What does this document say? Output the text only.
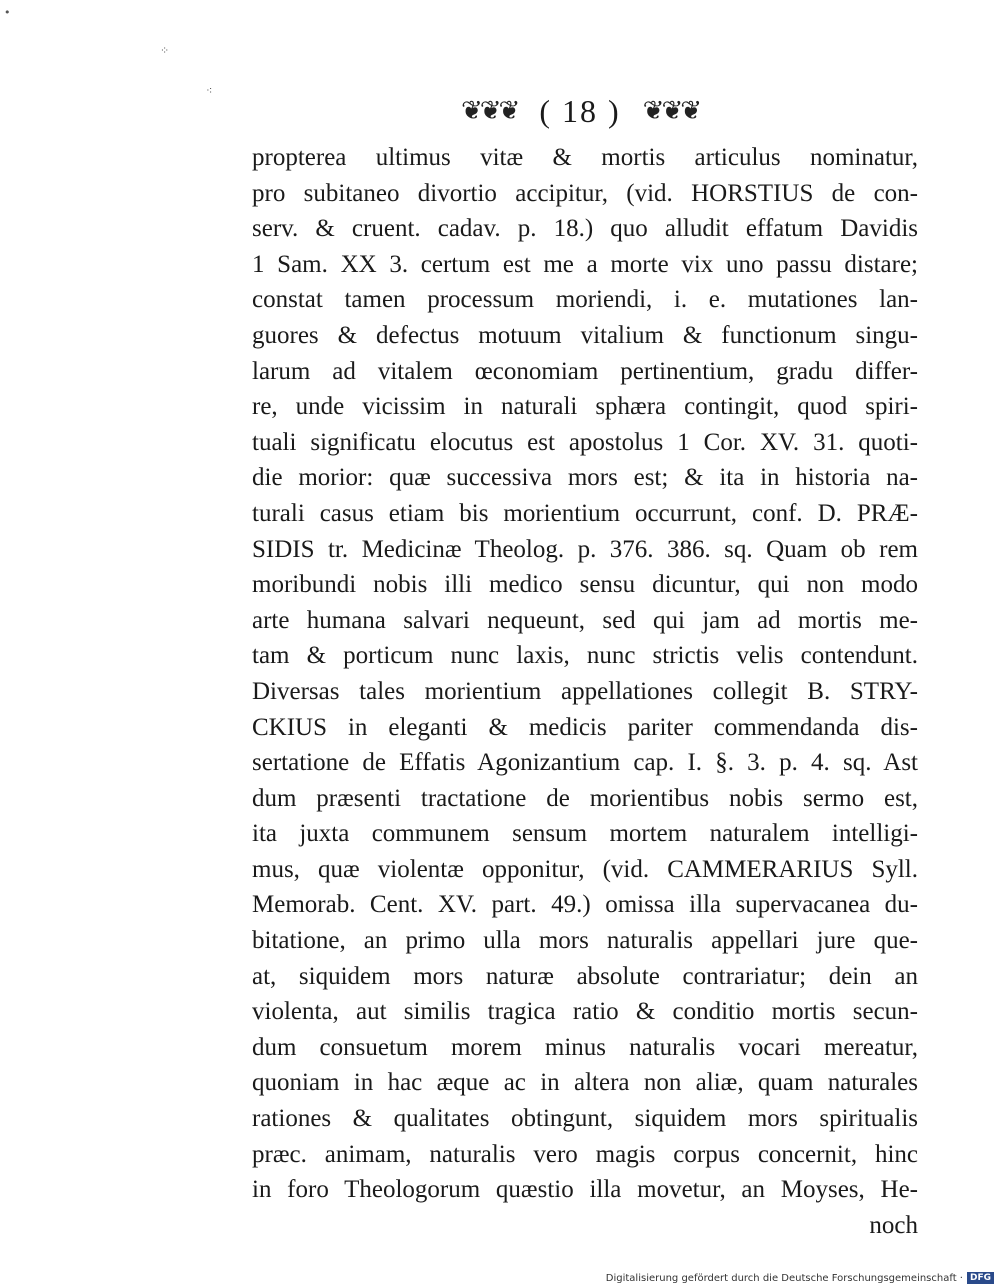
•
⁘
⁖
❦❦❦ ( 18 ) ❦❦❦
propterea ultimus vitæ & mortis articulus nominatur,
pro subitaneo divortio accipitur, (vid. HORSTIUS de con-
serv. & cruent. cadav. p. 18.) quo alludit effatum Davidis
1 Sam. XX 3. certum est me a morte vix uno passu distare;
constat tamen processum moriendi, i. e. mutationes lan-
guores & defectus motuum vitalium & functionum singu-
larum ad vitalem œconomiam pertinentium, gradu differ-
re, unde vicissim in naturali sphæra contingit, quod spiri-
tuali significatu elocutus est apostolus 1 Cor. XV. 31. quoti-
die morior: quæ successiva mors est; & ita in historia na-
turali casus etiam bis morientium occurrunt, conf. D. PRÆ-
SIDIS tr. Medicinæ Theolog. p. 376. 386. sq. Quam ob rem
moribundi nobis illi medico sensu dicuntur, qui non modo
arte humana salvari nequeunt, sed qui jam ad mortis me-
tam & porticum nunc laxis, nunc strictis velis contendunt.
Diversas tales morientium appellationes collegit B. STRY-
CKIUS in eleganti & medicis pariter commendanda dis-
sertatione de Effatis Agonizantium cap. I. §. 3. p. 4. sq. Ast
dum præsenti tractatione de morientibus nobis sermo est,
ita juxta communem sensum mortem naturalem intelligi-
mus, quæ violentæ opponitur, (vid. CAMMERARIUS Syll.
Memorab. Cent. XV. part. 49.) omissa illa supervacanea du-
bitatione, an primo ulla mors naturalis appellari jure que-
at, siquidem mors naturæ absolute contrariatur; dein an
violenta, aut similis tragica ratio & conditio mortis secun-
dum consuetum morem minus naturalis vocari mereatur,
quoniam in hac æque ac in altera non aliæ, quam naturales
rationes & qualitates obtingunt, siquidem mors spiritualis
præc. animam, naturalis vero magis corpus concernit, hinc
in foro Theologorum quæstio illa movetur, an Moyses, He-
noch
Digitalisierung gefördert durch die Deutsche Forschungsgemeinschaft · DFG
